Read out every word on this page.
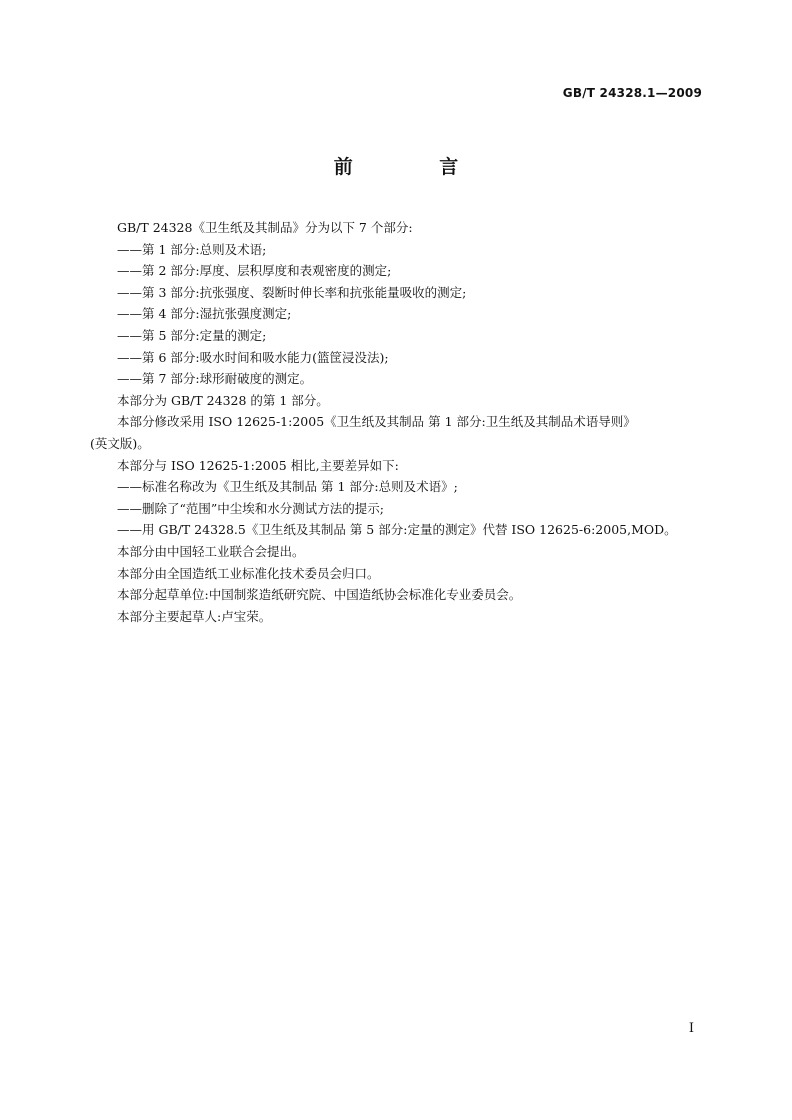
GB/T 24328.1—2009
前 言

GB/T 24328《卫生纸及其制品》分为以下 7 个部分:

——第 1 部分:总则及术语;

——第 2 部分:厚度、层积厚度和表观密度的测定;

——第 3 部分:抗张强度、裂断时伸长率和抗张能量吸收的测定;

——第 4 部分:湿抗张强度测定;

——第 5 部分:定量的测定;

——第 6 部分:吸水时间和吸水能力(篮筐浸没法);

——第 7 部分:球形耐破度的测定。

本部分为 GB/T 24328 的第 1 部分。

本部分修改采用 ISO 12625-1:2005《卫生纸及其制品 第 1 部分:卫生纸及其制品术语导则》

(英文版)。

本部分与 ISO 12625-1:2005 相比,主要差异如下:

——标准名称改为《卫生纸及其制品 第 1 部分:总则及术语》;

——删除了“范围”中尘埃和水分测试方法的提示;

——用 GB/T 24328.5《卫生纸及其制品 第 5 部分:定量的测定》代替 ISO 12625-6:2005,MOD。

本部分由中国轻工业联合会提出。

本部分由全国造纸工业标准化技术委员会归口。

本部分起草单位:中国制浆造纸研究院、中国造纸协会标准化专业委员会。

本部分主要起草人:卢宝荣。

I
